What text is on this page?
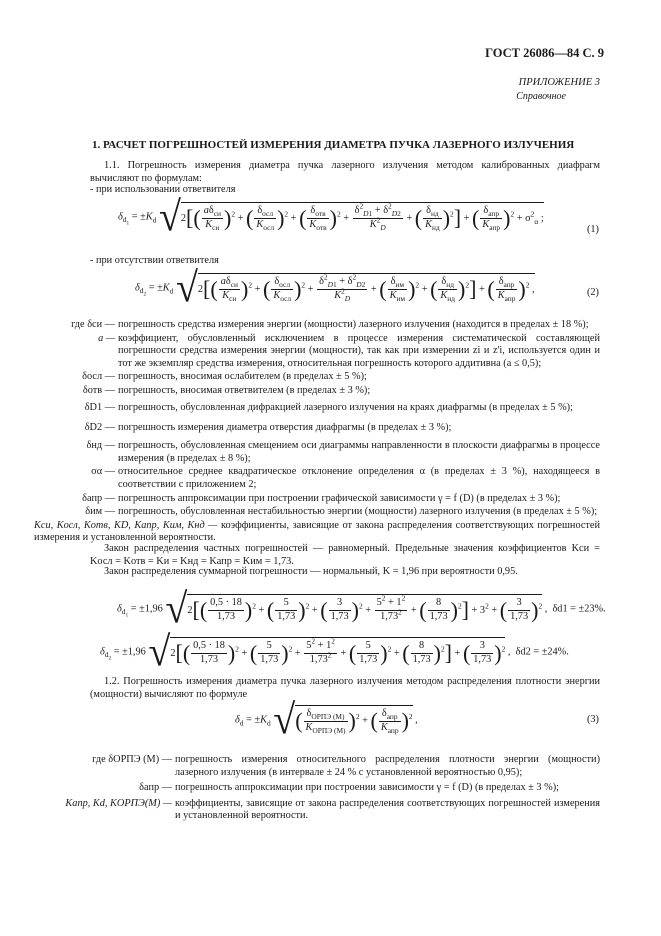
ГОСТ 26086—84 С. 9
ПРИЛОЖЕНИЕ 3
Справочное
1. РАСЧЕТ ПОГРЕШНОСТЕЙ ИЗМЕРЕНИЯ ДИАМЕТРА ПУЧКА ЛАЗЕРНОГО ИЗЛУЧЕНИЯ
1.1. Погрешность измерения диаметра пучка лазерного излучения методом калиброванных диафрагм вычисляют по формулам:
- при использовании ответвителя
$\delta_{d_1} = \pm K_d$ $√2[( \frac{a\delta_{си}}{K_{си}} )^2$ + ( $\frac{\delta_{осл}}{K_{осл}} )^2$ + ( $\frac{\delta_{отв}}{K_{отв}} )^2 + \frac{\delta^2_{D1} + \delta^2_{D2}}{K^2_D}$ + ( $\frac{\delta_{нд}}{K_{нд}} )^2$] + ( $\frac{\delta_{апр}}{K_{апр}} )^2 + \sigma^2_\alpha$ ;
(1)
- при отсутствии ответвителя
$\delta_{d_2} = \pm K_d$ $√2[( \frac{a\delta_{си}}{K_{си}} )^2$ + ( $\frac{\delta_{осл}}{K_{осл}} )^2 + \frac{\delta^2_{D1} + \delta^2_{D2}}{K^2_D}$ + ( $\frac{\delta_{им}}{K_{им}} )^2$ + ( $\frac{\delta_{нд}}{K_{нд}} )^2$] + ( $\frac{\delta_{апр}}{K_{апр}} )^2$ ,	(2)
где δси — погрешность средства измерения энергии (мощности) лазерного излучения (находится в пределах ± 18 %);
a — коэффициент, обусловленный исключением в процессе измерения систематической составляющей погрешности средства измерения энергии (мощности), так как при измерении zi и z'i, используется один и тот же экземпляр средства измерения, относительная погрешность которого аддитивна (a ≤ 0,5);
δосл — погрешность, вносимая ослабителем (в пределах ± 5 %);
δотв — погрешность, вносимая ответвителем (в пределах ± 3 %);
δD1 — погрешность, обусловленная дифракцией лазерного излучения на краях диафрагмы (в пределах ± 5 %);
δD2 — погрешность измерения диаметра отверстия диафрагмы (в пределах ± 3 %);
δнд — погрешность, обусловленная смещением оси диаграммы направленности в плоскости диафрагмы в процессе измерения (в пределах ± 8 %);
σα — относительное среднее квадратическое отклонение определения α (в пределах ± 3 %), находящееся в соответствии с приложением 2;
δапр — погрешность аппроксимации при построении графической зависимости γ = f (D) (в пределах ± 3 %);
δим — погрешность, обусловленная нестабильностью энергии (мощности) лазерного излучения (в пределах ± 5 %);
Kси, Kосл, Kотв, KD, Kапр, Kим, Kнд — коэффициенты, зависящие от закона распределения соответствующих погрешностей измерения и установленной вероятности.
Закон распределения частных погрешностей — равномерный. Предельные значения коэффициентов Kси = Kосл = Kотв = Kи = Kнд = Kапр = Kим = 1,73.
Закон распределения суммарной погрешности — нормальный, K = 1,96 при вероятности 0,95.
$\delta_{d_1} = \pm 1,96$ $√2[( \frac{0,5 \cdot 18}{1,73} )^2$ + ( $\frac{5}{1,73} )^2$ + ( $\frac{3}{1,73} )^2 + \frac{5^2 + 1^2}{1,73^2}$ + ( $\frac{8}{1,73} )^2] + 3^2$ + ( $\frac{3}{1,73} )^2$ ,  δd1 = ±23%.
$\delta_{d_2} = \pm 1,96$ $√2[( \frac{0,5 \cdot 18}{1,73} )^2$ + ( $\frac{5}{1,73} )^2 + \frac{5^2 + 1^2}{1,73^2}$ + ( $\frac{5}{1,73} )^2$ + ( $\frac{8}{1,73} )^2$] + ( $\frac{3}{1,73} )^2$ ,  δd2 = ±24%.
1.2. Погрешность измерения диаметра пучка лазерного излучения методом распределения плотности энергии (мощности) вычисляют по формуле
$\delta_d = \pm K_d$ √( $\frac{\delta_{ОРПЭ (М)}}{K_{ОРПЭ (М)}} )^2$ + ( $\frac{\delta_{апр}}{K_{апр}} )^2$ ,	(3)
где δОРПЭ (М) — погрешность измерения относительного распределения плотности энергии (мощности) лазерного излучения (в интервале ± 24 % с установленной вероятностью 0,95);
δапр — погрешность аппроксимации при построении зависимости γ = f (D) (в пределах ± 3 %);
Kапр, Kd, KОРПЭ(М) — коэффициенты, зависящие от закона распределения соответствующих погрешностей измерения и установленной вероятности.
